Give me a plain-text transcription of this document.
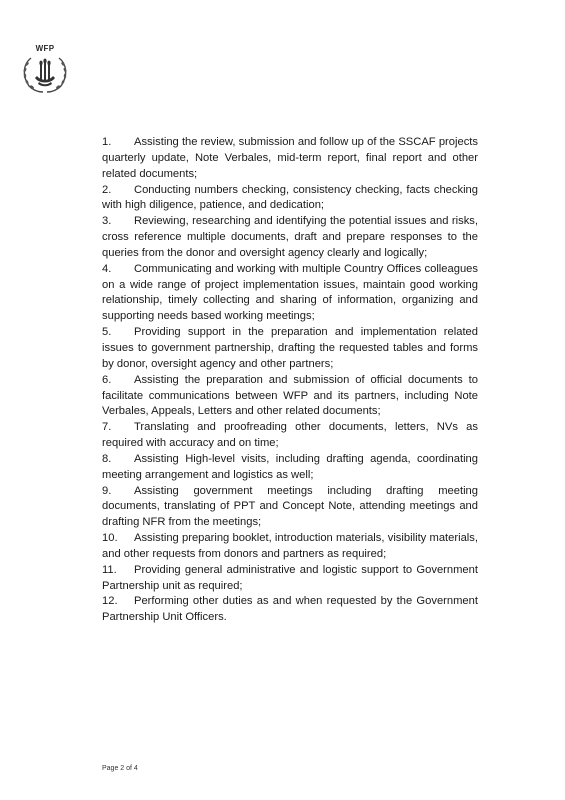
WFP

1. Assisting the review, submission and follow up of the SSCAF projects quarterly update, Note Verbales, mid-term report, final report and other related documents;

2. Conducting numbers checking, consistency checking, facts checking with high diligence, patience, and dedication;

3. Reviewing, researching and identifying the potential issues and risks, cross reference multiple documents, draft and prepare responses to the queries from the donor and oversight agency clearly and logically;

4. Communicating and working with multiple Country Offices colleagues on a wide range of project implementation issues, maintain good working relationship, timely collecting and sharing of information, organizing and supporting needs based working meetings;

5. Providing support in the preparation and implementation related issues to government partnership, drafting the requested tables and forms by donor, oversight agency and other partners;

6. Assisting the preparation and submission of official documents to facilitate communications between WFP and its partners, including Note Verbales, Appeals, Letters and other related documents;

7. Translating and proofreading other documents, letters, NVs as required with accuracy and on time;

8. Assisting High-level visits, including drafting agenda, coordinating meeting arrangement and logistics as well;

9. Assisting government meetings including drafting meeting documents, translating of PPT and Concept Note, attending meetings and drafting NFR from the meetings;

10. Assisting preparing booklet, introduction materials, visibility materials, and other requests from donors and partners as required;

11. Providing general administrative and logistic support to Government Partnership unit as required;

12. Performing other duties as and when requested by the Government Partnership Unit Officers.

Page 2 of 4
